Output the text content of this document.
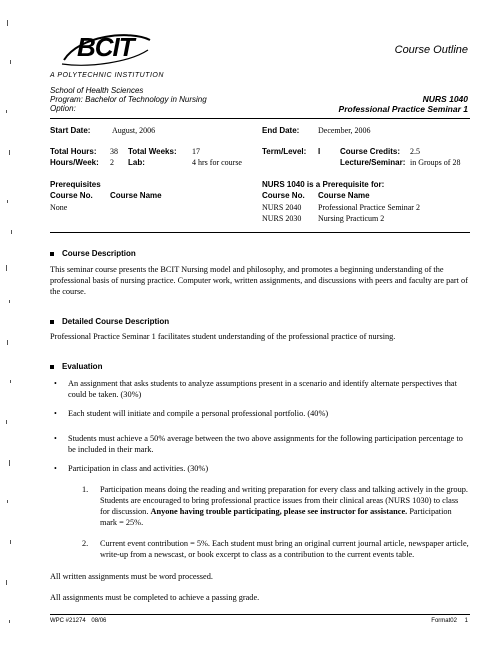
BCIT
A POLYTECHNIC INSTITUTION
Course Outline
School of Health Sciences
Program: Bachelor of Technology in Nursing
Option:
NURS 1040
Professional Practice Seminar 1
Start Date:	August, 2006	End Date: December, 2006
Total Hours: 38 Total Weeks: 17	Term/Level: I Course Credits: 2.5
Hours/Week: 2 Lab:	4 hrs for course	Lecture/Seminar: in Groups of 28
Prerequisites
Course No. Course Name
None
NURS 1040 is a Prerequisite for:
Course No. Course Name
NURS 2040 Professional Practice Seminar 2
NURS 2030 Nursing Practicum 2
Course Description
This seminar course presents the BCIT Nursing model and philosophy, and promotes a beginning understanding of the professional basis of nursing practice. Computer work, written assignments, and discussions with peers and faculty are part of the course.
Detailed Course Description
Professional Practice Seminar 1 facilitates student understanding of the professional practice of nursing.
Evaluation
• An assignment that asks students to analyze assumptions present in a scenario and identify alternate perspectives that could be taken. (30%)
• Each student will initiate and compile a personal professional portfolio. (40%)
• Students must achieve a 50% average between the two above assignments for the following participation percentage to be included in their mark.
• Participation in class and activities. (30%)
1. Participation means doing the reading and writing preparation for every class and talking actively in the group. Students are encouraged to bring professional practice issues from their clinical areas (NURS 1030) to class for discussion. Anyone having trouble participating, please see instructor for assistance. Participation mark = 25%.
2. Current event contribution = 5%. Each student must bring an original current journal article, newspaper article, write-up from a newscast, or book excerpt to class as a contribution to the current events table.
All written assignments must be word processed.
All assignments must be completed to achieve a passing grade.
WPC #21274 08/06	Format02 1
